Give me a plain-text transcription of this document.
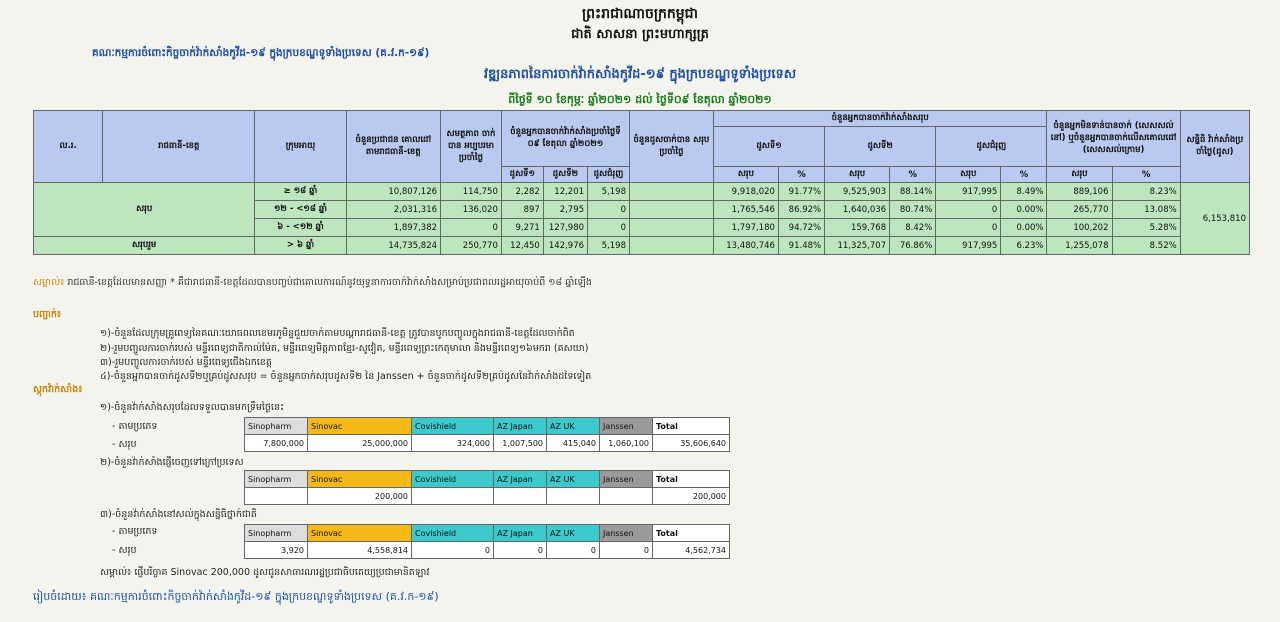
ព្រះរាជាណាចក្រកម្ពុជា
ជាតិ សាសនា ព្រះមហាក្សត្រ
គណៈកម្មការចំពោះកិច្ចចាក់វ៉ាក់សាំងកូវីដ-១៩ ក្នុងក្របខណ្ឌទូទាំងប្រទេស (គ.វ.ក-១៩)
វឌ្ឍនភាពនៃការចាក់វ៉ាក់សាំងកូវីដ-១៩ ក្នុងក្របខណ្ឌទូទាំងប្រទេស
ពីថ្ងៃទី ១០ ខែកុម្ភៈ ឆ្នាំ២០២១ ដល់ ថ្ងៃទី០៩ ខែតុលា ឆ្នាំ២០២១
ល.រ.	រាជធានី-ខេត្ត	ក្រុមអាយុ	ចំនួនប្រជាជន គោលដៅ តាមរាជធានី-ខេត្ត	សមត្ថភាព ចាក់បាន អប្បបរមា ប្រចាំថ្ងៃ	ចំនួនអ្នកបានចាក់វ៉ាក់សាំងប្រចាំថ្ងៃទី ០៩ ខែតុលា ឆ្នាំ២០២១			ចំនួនដូសចាក់បាន សរុបប្រចាំថ្ងៃ	ចំនួនអ្នកបានចាក់វ៉ាក់សាំងសរុប						ចំនួនអ្នកមិនទាន់បានចាក់ (សេសសល់នៅ) ឬចំនួនអ្នកបានចាក់លើសគោលដៅ (សេសសល់ក្រោម)		សន្និធិ វ៉ាក់សាំងប្រ ចាំថ្ងៃ(ដូស)
									ដូសទី១		ដូសទី២		ដូសជំរុញ				
					ដូសទី១	ដូសទី២	ដូសជំរុញ		សរុប	%	សរុប	%	សរុប	%	សរុប	%	
សរុប		≥ ១៨ ឆ្នាំ	10,807,126	114,750	2,282	12,201	5,198		9,918,020	91.77%	9,525,903	88.14%	917,995	8.49%	889,106	8.23%	6,153,810
		១២ - <១៨ ឆ្នាំ	2,031,316	136,020	897	2,795	0		1,765,546	86.92%	1,640,036	80.74%	0	0.00%	265,770	13.08%	
		៦ - <១២ ឆ្នាំ	1,897,382	0	9,271	127,980	0		1,797,180	94.72%	159,768	8.42%	0	0.00%	100,202	5.28%	
សរុបរួម		> ៦ ឆ្នាំ	14,735,824	250,770	12,450	142,976	5,198		13,480,746	91.48%	11,325,707	76.86%	917,995	6.23%	1,255,078	8.52%	
សម្គាល់៖ រាជធានី-ខេត្តដែលមានសញ្ញា * គឺជារាជធានី-ខេត្តដែលបានបញ្ចប់ជាគោលការណ៍នូវយុទ្ធនាការចាក់វ៉ាក់សាំងសម្រាប់ប្រជាពលរដ្ឋអាយុចាប់ពី ១៨ ឆ្នាំឡើង
បញ្ជាក់៖
១)-ចំនួនដែលក្រុមគ្រូពេទ្យនៃគណៈយោធពលខេមរភូមិន្ទជួយចាក់តាមបណ្ដារាជធានី-ខេត្ត ត្រូវបានបូកបញ្ចូលក្នុងរាជធានី-ខេត្តដែលចាក់ពិត
២)-រួមបញ្ចូលការចាក់របស់ មន្ទីរពេទ្យជាតិកាល់ម៉ែត, មន្ទីរពេទ្យមិត្តភាពខ្មែរ-សូវៀត, មន្ទីរពេទ្យព្រះកេតុមាលា និងមន្ទីរពេទ្យ១៦មករា (គសយា)
៣)-រួមបញ្ចូលការចាក់របស់ មន្ទីរពេទ្យជើងឯកខេត្ត
៤)-ចំនួនអ្នកបានចាក់ដូសទី២ឬគ្រប់ដូសសរុប = ចំនួនអ្នកចាក់សរុបដូសទី២ នៃ Janssen + ចំនួនចាក់ដូសទី២គ្រប់ដូសនៃវ៉ាក់សាំងដទៃទៀត
ស្តុកវ៉ាក់សាំង៖
១)-ចំនួនវ៉ាក់សាំងសរុបដែលទទួលបានមកទ្រឹមថ្ងៃនេះ
- តាមប្រភេទ
- សរុប
Sinopharm	Sinovac	Covishield	AZ Japan	AZ UK	Janssen	Total
7,800,000	25,000,000	324,000	1,007,500	415,040	1,060,100	35,606,640
២)-ចំនួនវ៉ាក់សាំងផ្ញើចេញទៅក្រៅប្រទេស
Sinopharm	Sinovac	Covishield	AZ Japan	AZ UK	Janssen	Total
	200,000					200,000
៣)-ចំនួនវ៉ាក់សាំងនៅសល់ក្នុងសន្និធិថ្នាក់ជាតិ
- តាមប្រភេទ
- សរុប
Sinopharm	Sinovac	Covishield	AZ Japan	AZ UK	Janssen	Total
3,920	4,558,814	0	0	0	0	4,562,734
សម្គាល់៖ ផ្ញើបរិច្ចាគ Sinovac 200,000 ដូសជូនសាធារណរដ្ឋប្រជាធិបតេយ្យប្រជាមានិតឡាវ
រៀបចំដោយ៖ គណៈកម្មការចំពោះកិច្ចចាក់វ៉ាក់សាំងកូវីដ-១៩ ក្នុងក្របខណ្ឌទូទាំងប្រទេស (គ.វ.ក-១៩)
